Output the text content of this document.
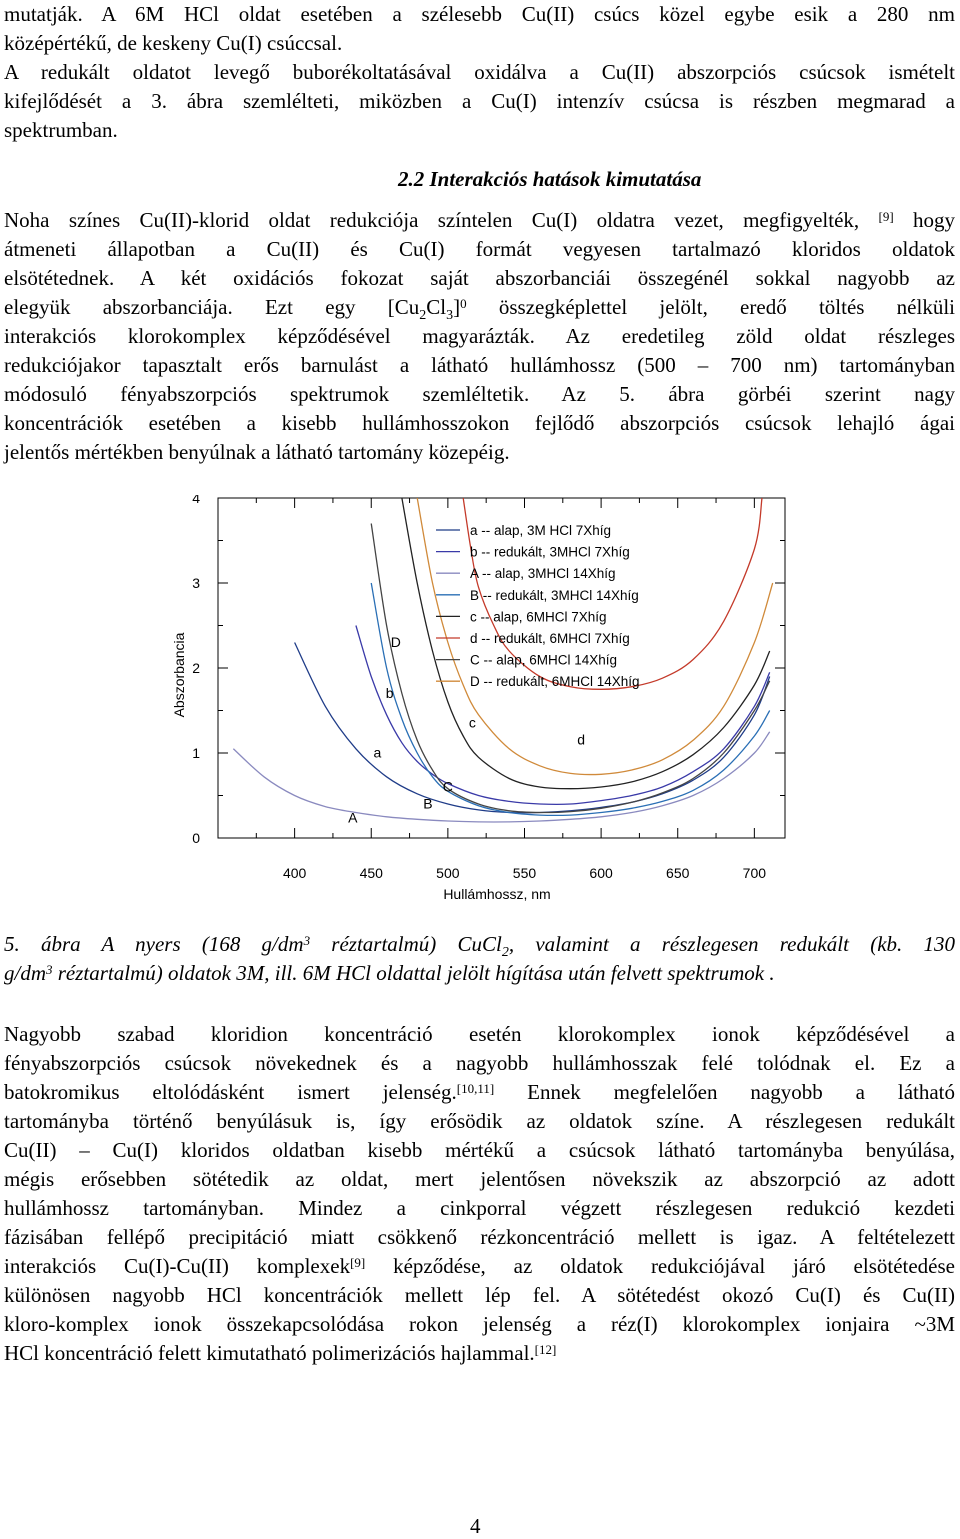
mutatják. A 6M HCl oldat esetében a szélesebb Cu(II) csúcs közel egybe esik a 280 nm
középértékű, de keskeny Cu(I) csúccsal.
A redukált oldatot levegő buborékoltatásával oxidálva a Cu(II) abszorpciós csúcsok ismételt
kifejlődését a 3. ábra szemlélteti, miközben a Cu(I) intenzív csúcsa is részben megmarad a
spektrumban.

2.2 Interakciós hatások kimutatása

Noha színes Cu(II)-klorid oldat redukciója színtelen Cu(I) oldatra vezet, megfigyelték, [9] hogy
átmeneti állapotban a Cu(II) és Cu(I) formát vegyesen tartalmazó kloridos oldatok
elsötétednek. A két oxidációs fokozat saját abszorbanciái összegénél sokkal nagyobb az
elegyük abszorbanciája. Ezt egy $[Cu_2Cl_3]^0$ összegképlettel jelölt, eredő töltés nélküli
interakciós klorokomplex képződésével magyarázták. Az eredetileg zöld oldat részleges
redukciójakor tapasztalt erős barnulást a látható hullámhossz (500 – 700 nm) tartományban
módosuló fényabszorpciós spektrumok szemléltetik. Az 5. ábra görbéi szerint nagy
koncentrációk esetében a kisebb hullámhosszokon fejlődő abszorpciós csúcsok lehajló ágai
jelentős mértékben benyúlnak a látható tartomány közepéig.
0
1
2
3
4
400	450	500	550	600	650	700
D
b
a
c
d
C
B
A
a -- alap, 3M HCl 7Xhíg
b -- redukált, 3MHCl 7Xhíg
A -- alap, 3MHCl 14Xhíg
B -- redukált, 3MHCl 14Xhíg
c -- alap, 6MHCl 7Xhíg
d -- redukált, 6MHCl 7Xhíg
C -- alap, 6MHCl 14Xhíg
D -- redukált, 6MHCl 14Xhíg
Abszorbancia
Hullámhossz, nm
5. ábra A nyers (168 $g/dm^3$ réztartalmú) CuCl$_2$, valamint a részlegesen redukált (kb. 130
$g/dm^3$ réztartalmú) oldatok 3M, ill. 6M HCl oldattal jelölt hígítása után felvett spektrumok .
Nagyobb szabad kloridion koncentráció esetén klorokomplex ionok képződésével a
fényabszorpciós csúcsok növekednek és a nagyobb hullámhosszak felé tolódnak el. Ez a
batokromikus eltolódásként ismert jelenség.[10,11] Ennek megfelelően nagyobb a látható
tartományba történő benyúlásuk is, így erősödik az oldatok színe. A részlegesen redukált
Cu(II) – Cu(I) kloridos oldatban kisebb mértékű a csúcsok látható tartományba benyúlása,
mégis erősebben sötétedik az oldat, mert jelentősen növekszik az abszorpció az adott
hullámhossz tartományban. Mindez a cinkporral végzett részlegesen redukció kezdeti
fázisában fellépő precipitáció miatt csökkenő rézkoncentráció mellett is igaz. A feltételezett
interakciós Cu(I)-Cu(II) komplexek[9] képződése, az oldatok redukciójával járó elsötétedése
különösen nagyobb HCl koncentrációk mellett lép fel. A sötétedést okozó Cu(I) és Cu(II)
kloro-komplex ionok összekapcsolódása rokon jelenség a réz(I) klorokomplex ionjaira ~3M
HCl koncentráció felett kimutatható polimerizációs hajlammal.[12]
4
